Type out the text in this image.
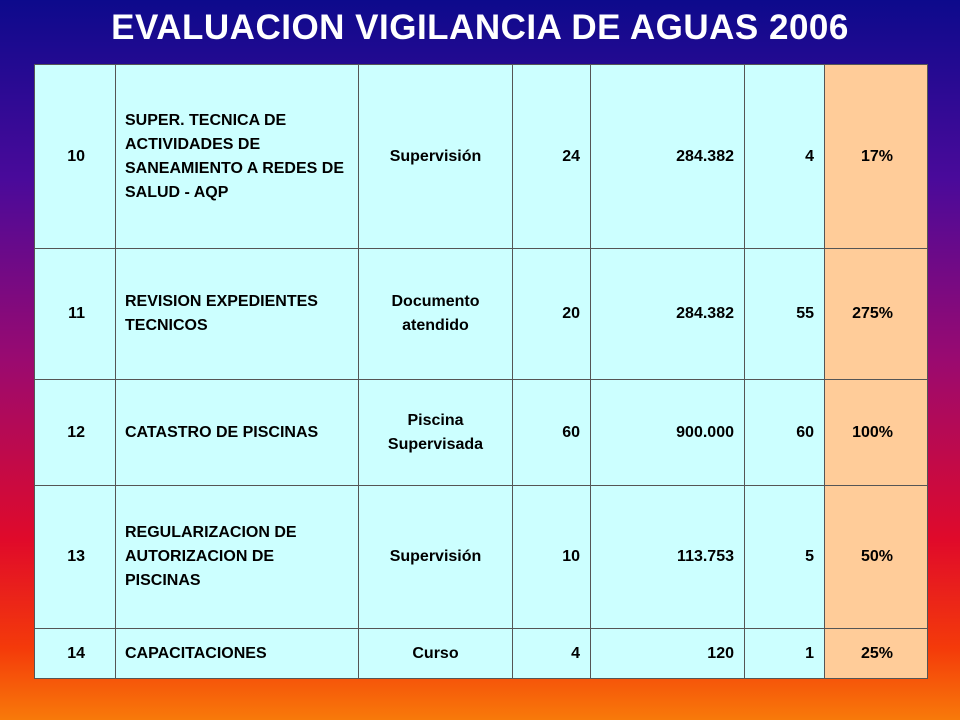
EVALUACION VIGILANCIA DE AGUAS 2006
10	SUPER. TECNICA DE ACTIVIDADES DE SANEAMIENTO A REDES DE SALUD - AQP	Supervisión	24	284.382	4	17%
11	REVISION EXPEDIENTES TECNICOS	Documento atendido	20	284.382	55	275%
12	CATASTRO DE PISCINAS	Piscina Supervisada	60	900.000	60	100%
13	REGULARIZACION DE AUTORIZACION DE PISCINAS	Supervisión	10	113.753	5	50%
14	CAPACITACIONES	Curso	4	120	1	25%
